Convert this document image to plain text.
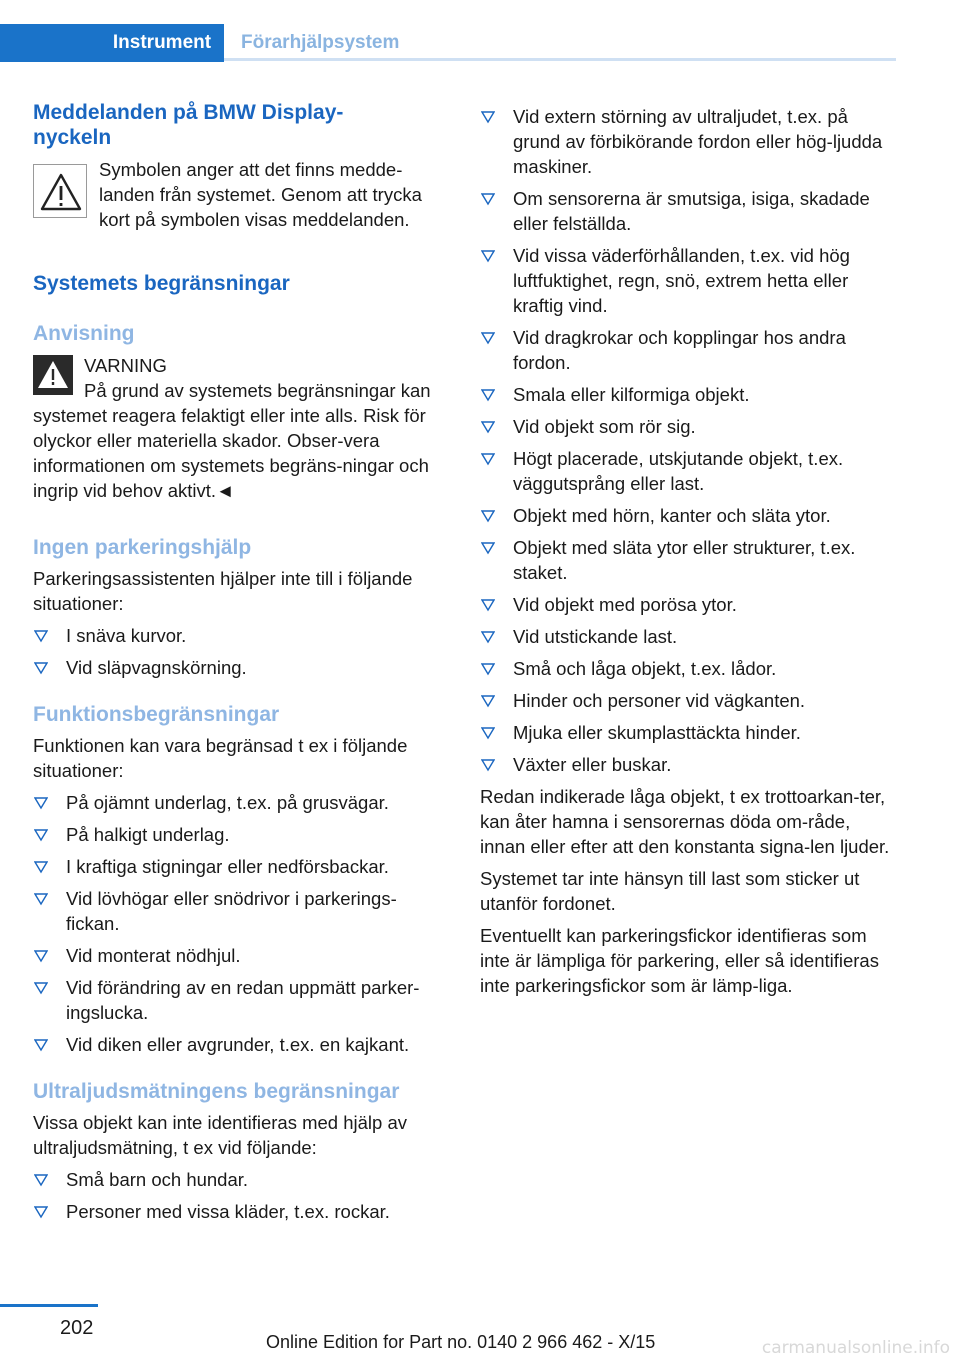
Instrument	Förarhjälpsystem
Meddelanden på BMW Display-
nyckeln
Symbolen anger att det finns medde-
landen från systemet. Genom att trycka
kort på symbolen visas meddelanden.
Systemets begränsningar
Anvisning
VARNING
På grund av systemets begränsningar kan systemet reagera felaktigt eller inte alls. Risk för olyckor eller materiella skador. Obser-vera informationen om systemets begräns-ningar och ingrip vid behov aktivt.◄
Ingen parkeringshjälp

Parkeringsassistenten hjälper inte till i följande situationer:

I snäva kurvor.
Vid släpvagnskörning.
Funktionsbegränsningar

Funktionen kan vara begränsad t ex i följande situationer:

På ojämnt underlag, t.ex. på grusvägar.
På halkigt underlag.
I kraftiga stigningar eller nedförsbackar.
Vid lövhögar eller snödrivor i parkerings-fickan.
Vid monterat nödhjul.
Vid förändring av en redan uppmätt parker-ingslucka.
Vid diken eller avgrunder, t.ex. en kajkant.
Ultraljudsmätningens begränsningar

Vissa objekt kan inte identifieras med hjälp av ultraljudsmätning, t ex vid följande:

Små barn och hundar.
Personer med vissa kläder, t.ex. rockar.
Vid extern störning av ultraljudet, t.ex. på grund av förbikörande fordon eller hög-ljudda maskiner.
Om sensorerna är smutsiga, isiga, skadade eller felställda.
Vid vissa väderförhållanden, t.ex. vid hög luftfuktighet, regn, snö, extrem hetta eller kraftig vind.
Vid dragkrokar och kopplingar hos andra fordon.
Smala eller kilformiga objekt.
Vid objekt som rör sig.
Högt placerade, utskjutande objekt, t.ex. väggutsprång eller last.
Objekt med hörn, kanter och släta ytor.
Objekt med släta ytor eller strukturer, t.ex. staket.
Vid objekt med porösa ytor.
Vid utstickande last.
Små och låga objekt, t.ex. lådor.
Hinder och personer vid vägkanten.
Mjuka eller skumplasttäckta hinder.
Växter eller buskar.

Redan indikerade låga objekt, t ex trottoarkan-ter, kan åter hamna i sensorernas döda om-råde, innan eller efter att den konstanta signa-len ljuder.

Systemet tar inte hänsyn till last som sticker ut utanför fordonet.

Eventuellt kan parkeringsfickor identifieras som inte är lämpliga för parkering, eller så identifieras inte parkeringsfickor som är lämp-liga.

202
Online Edition for Part no. 0140 2 966 462 - X/15	carmanualsonline.info
